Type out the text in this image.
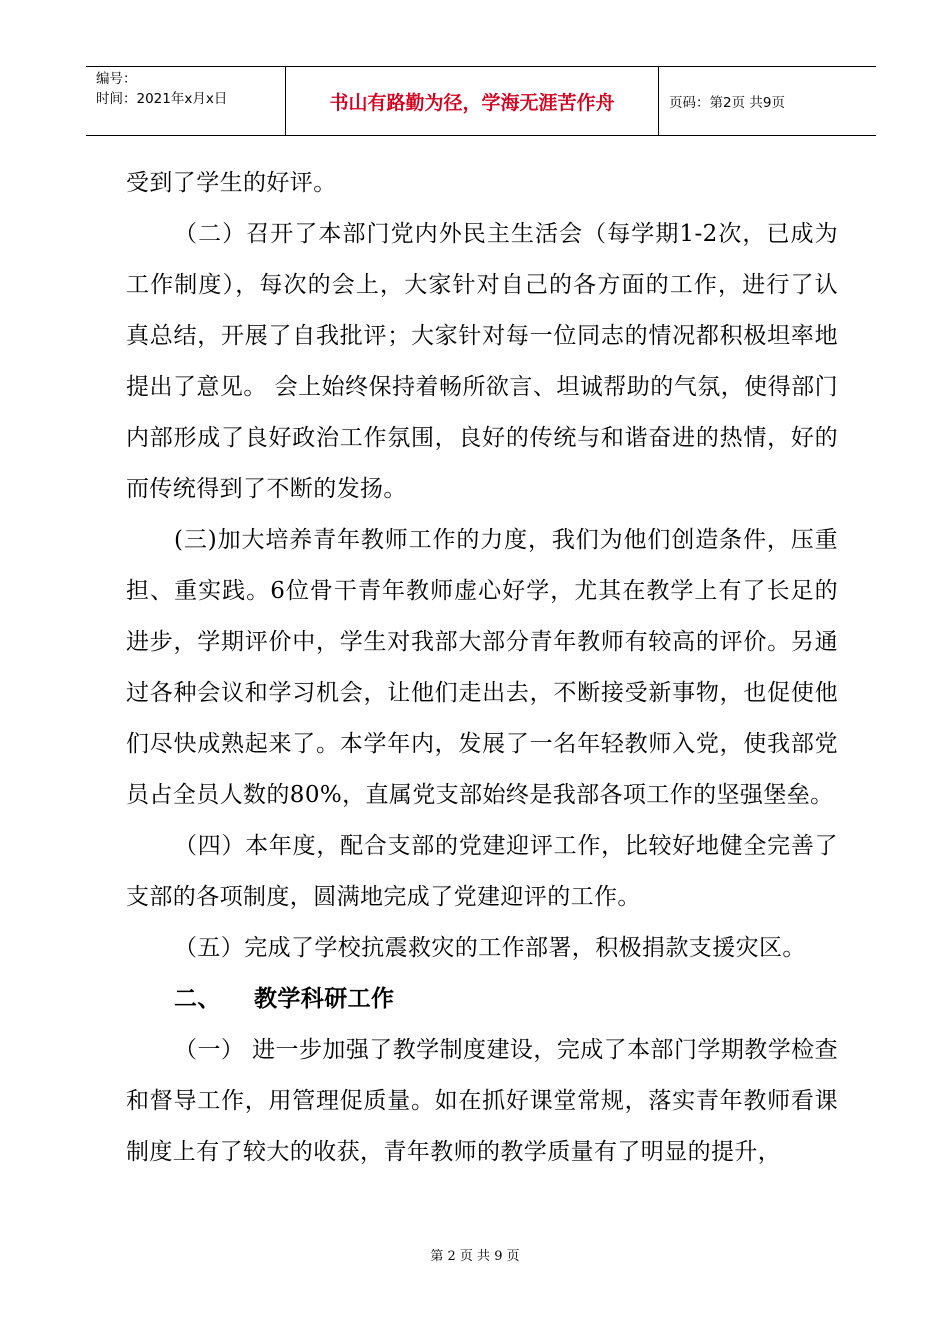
编号：
时间：2021年x月x日	书山有路勤为径，学海无涯苦作舟	页码：第2页 共9页

受到了学生的好评。

（二）召开了本部门党内外民主生活会（每学期1-2次，已成为工作制度），每次的会上，大家针对自己的各方面的工作，进行了认真总结，开展了自我批评；大家针对每一位同志的情况都积极坦率地提出了意见。 会上始终保持着畅所欲言、坦诚帮助的气氛，使得部门内部形成了良好政治工作氛围，良好的传统与和谐奋进的热情，好的而传统得到了不断的发扬。

(三)加大培养青年教师工作的力度，我们为他们创造条件，压重担、重实践。6位骨干青年教师虚心好学，尤其在教学上有了长足的进步，学期评价中，学生对我部大部分青年教师有较高的评价。另通过各种会议和学习机会，让他们走出去，不断接受新事物，也促使他们尽快成熟起来了。本学年内，发展了一名年轻教师入党，使我部党员占全员人数的80%，直属党支部始终是我部各项工作的坚强堡垒。

（四）本年度，配合支部的党建迎评工作，比较好地健全完善了支部的各项制度，圆满地完成了党建迎评的工作。

（五）完成了学校抗震救灾的工作部署，积极捐款支援灾区。

二、 教学科研工作

（一） 进一步加强了教学制度建设，完成了本部门学期教学检查和督导工作，用管理促质量。如在抓好课堂常规，落实青年教师看课制度上有了较大的收获，青年教师的教学质量有了明显的提升，

第 2 页 共 9 页
